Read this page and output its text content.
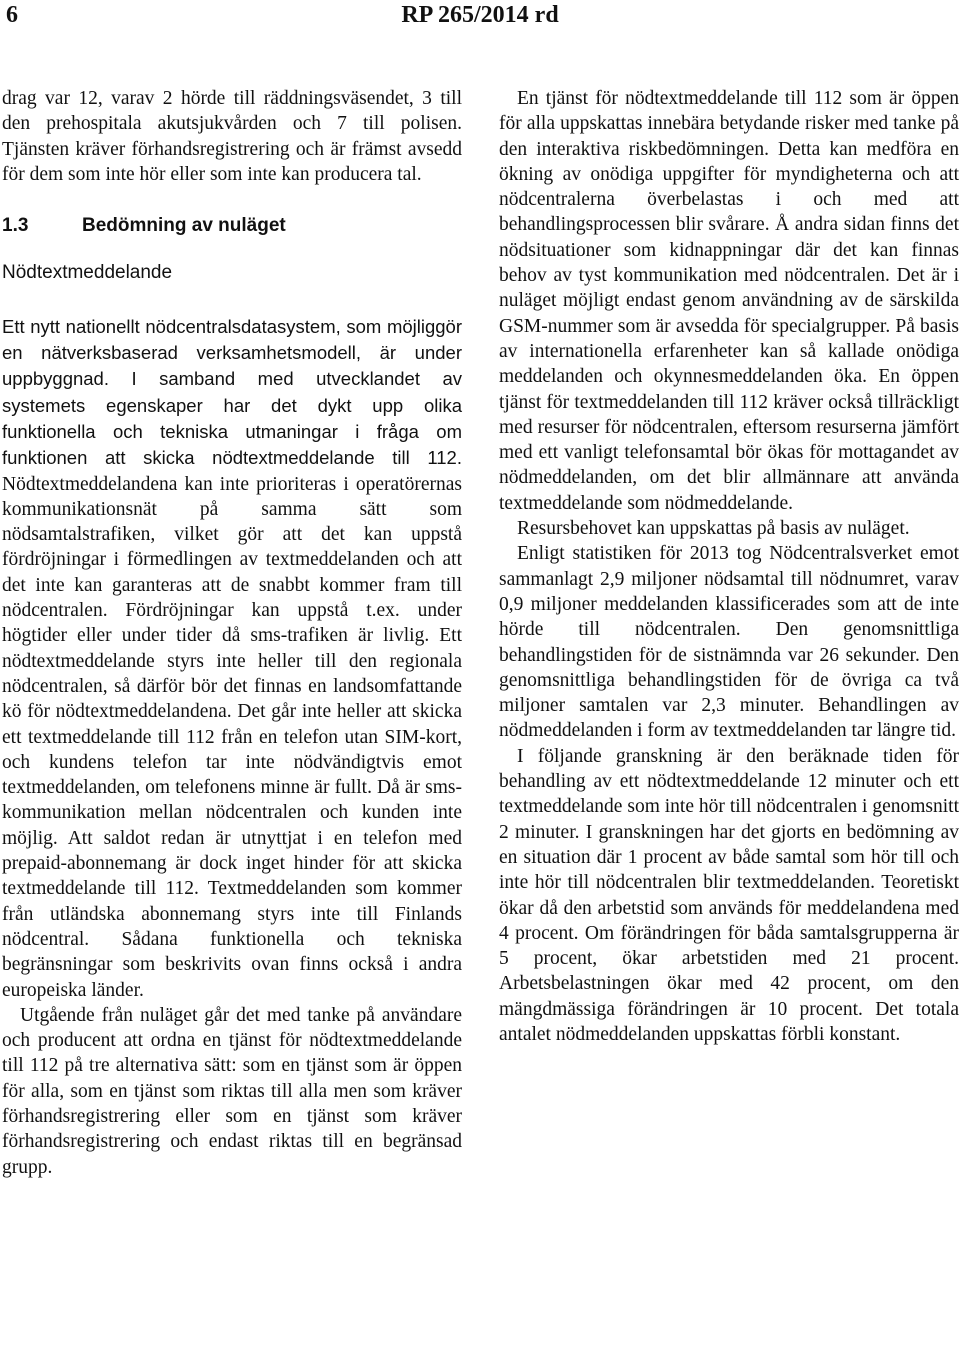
6	RP 265/2014 rd

drag var 12, varav 2 hörde till räddningsväsendet, 3 till den prehospitala akutsjukvården och 7 till polisen. Tjänsten kräver förhandsregistrering och är främst avsedd för dem som inte hör eller som inte kan producera tal.

1.3	Bedömning av nuläget
Nödtextmeddelande

Ett nytt nationellt nödcentralsdatasystem, som möjliggör en nätverksbaserad verksamhetsmodell, är under uppbyggnad. I samband med utvecklandet av systemets egenskaper har det dykt upp olika funktionella och tekniska utmaningar i fråga om funktionen att skicka nödtextmeddelande till 112. Nödtextmeddelandena kan inte prioriteras i operatörernas kommunikationsnät på samma sätt som nödsamtalstrafiken, vilket gör att det kan uppstå fördröjningar i förmedlingen av textmeddelanden och att det inte kan garanteras att de snabbt kommer fram till nödcentralen. Fördröjningar kan uppstå t.ex. under högtider eller under tider då sms-trafiken är livlig. Ett nödtextmeddelande styrs inte heller till den regionala nödcentralen, så därför bör det finnas en landsomfattande kö för nödtextmeddelandena. Det går inte heller att skicka ett textmeddelande till 112 från en telefon utan SIM-kort, och kundens telefon tar inte nödvändigtvis emot textmeddelanden, om telefonens minne är fullt. Då är sms-kommunikation mellan nödcentralen och kunden inte möjlig. Att saldot redan är utnyttjat i en telefon med prepaid-abonnemang är dock inget hinder för att skicka textmeddelande till 112. Textmeddelanden som kommer från utländska abonnemang styrs inte till Finlands nödcentral. Sådana funktionella och tekniska begränsningar som beskrivits ovan finns också i andra europeiska länder.

Utgående från nuläget går det med tanke på användare och producent att ordna en tjänst för nödtextmeddelande till 112 på tre alternativa sätt: som en tjänst som är öppen för alla, som en tjänst som riktas till alla men som kräver förhandsregistrering eller som en tjänst som kräver förhandsregistrering och endast riktas till en begränsad grupp.

En tjänst för nödtextmeddelande till 112 som är öppen för alla uppskattas innebära betydande risker med tanke på den interaktiva riskbedömningen. Detta kan medföra en ökning av onödiga uppgifter för myndigheterna och att nödcentralerna överbelastas i och med att behandlingsprocessen blir svårare. Å andra sidan finns det nödsituationer som kidnappningar där det kan finnas behov av tyst kommunikation med nödcentralen. Det är i nuläget möjligt endast genom användning av de särskilda GSM-nummer som är avsedda för specialgrupper. På basis av internationella erfarenheter kan så kallade onödiga meddelanden och okynnesmeddelanden öka. En öppen tjänst för textmeddelanden till 112 kräver också tillräckligt med resurser för nödcentralen, eftersom resurserna jämfört med ett vanligt telefonsamtal bör ökas för mottagandet av nödmeddelanden, om det blir allmännare att använda textmeddelande som nödmeddelande.

Resursbehovet kan uppskattas på basis av nuläget.

Enligt statistiken för 2013 tog Nödcentralsverket emot sammanlagt 2,9 miljoner nödsamtal till nödnumret, varav 0,9 miljoner meddelanden klassificerades som att de inte hörde till nödcentralen. Den genomsnittliga behandlingstiden för de sistnämnda var 26 sekunder. Den genomsnittliga behandlingstiden för de övriga ca två miljoner samtalen var 2,3 minuter. Behandlingen av nödmeddelanden i form av textmeddelanden tar längre tid.

I följande granskning är den beräknade tiden för behandling av ett nödtextmeddelande 12 minuter och ett textmeddelande som inte hör till nödcentralen i genomsnitt 2 minuter. I granskningen har det gjorts en bedömning av en situation där 1 procent av både samtal som hör till och inte hör till nödcentralen blir textmeddelanden. Teoretiskt ökar då den arbetstid som används för meddelandena med 4 procent. Om förändringen för båda samtalsgrupperna är 5 procent, ökar arbetstiden med 21 procent. Arbetsbelastningen ökar med 42 procent, om den mängdmässiga förändringen är 10 procent. Det totala antalet nödmeddelanden uppskattas förbli konstant.
